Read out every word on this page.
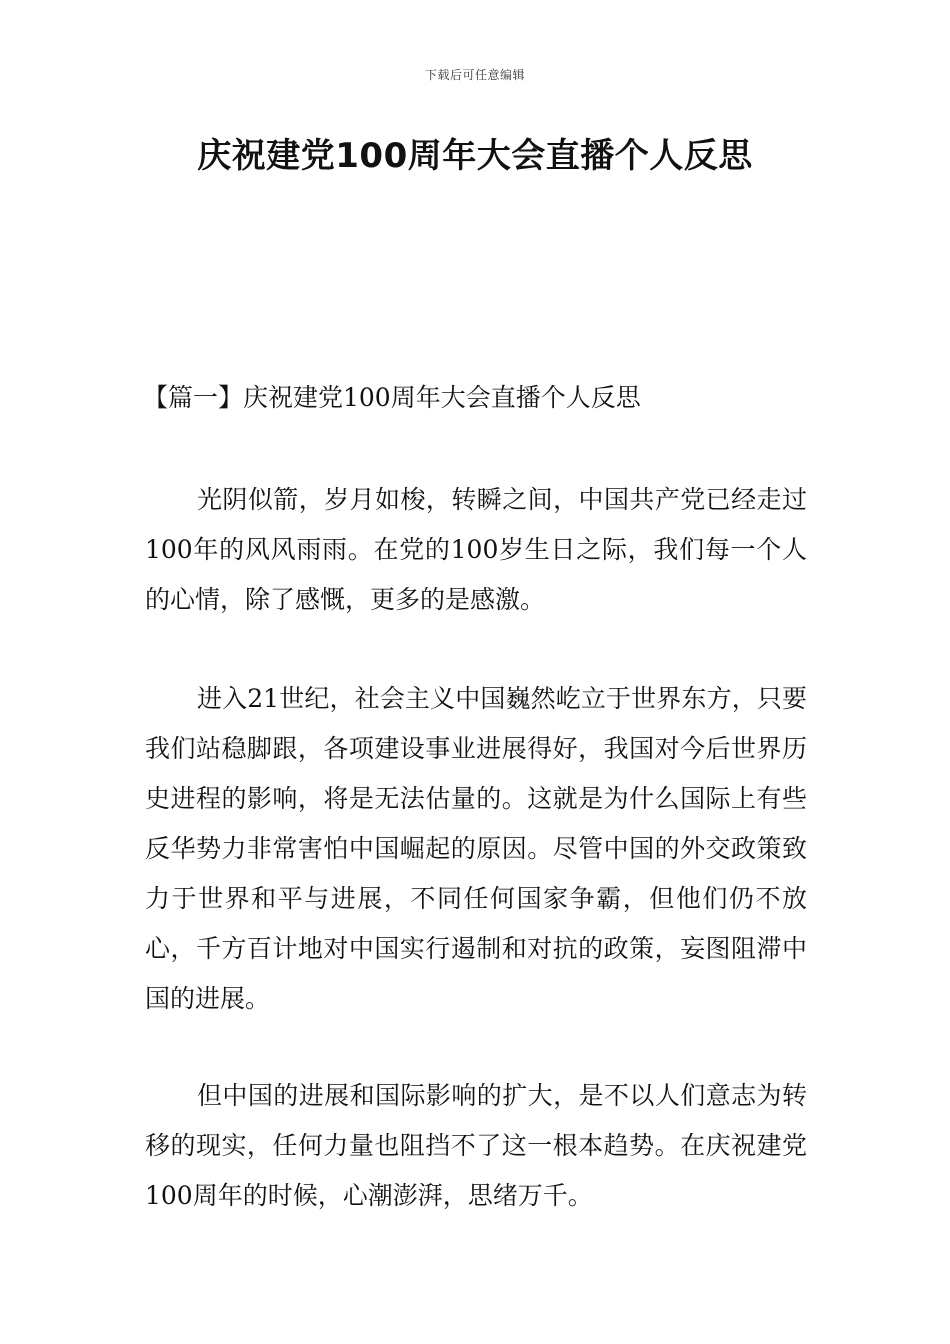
下载后可任意编辑
庆祝建党100周年大会直播个人反思

【篇一】庆祝建党100周年大会直播个人反思

光阴似箭，岁月如梭，转瞬之间，中国共产党已经走过100年的风风雨雨。在党的100岁生日之际，我们每一个人的心情，除了感慨，更多的是感激。

进入21世纪，社会主义中国巍然屹立于世界东方，只要我们站稳脚跟，各项建设事业进展得好，我国对今后世界历史进程的影响，将是无法估量的。这就是为什么国际上有些反华势力非常害怕中国崛起的原因。尽管中国的外交政策致力于世界和平与进展，不同任何国家争霸，但他们仍不放心，千方百计地对中国实行遏制和对抗的政策，妄图阻滞中国的进展。

但中国的进展和国际影响的扩大，是不以人们意志为转移的现实，任何力量也阻挡不了这一根本趋势。在庆祝建党100周年的时候，心潮澎湃，思绪万千。
